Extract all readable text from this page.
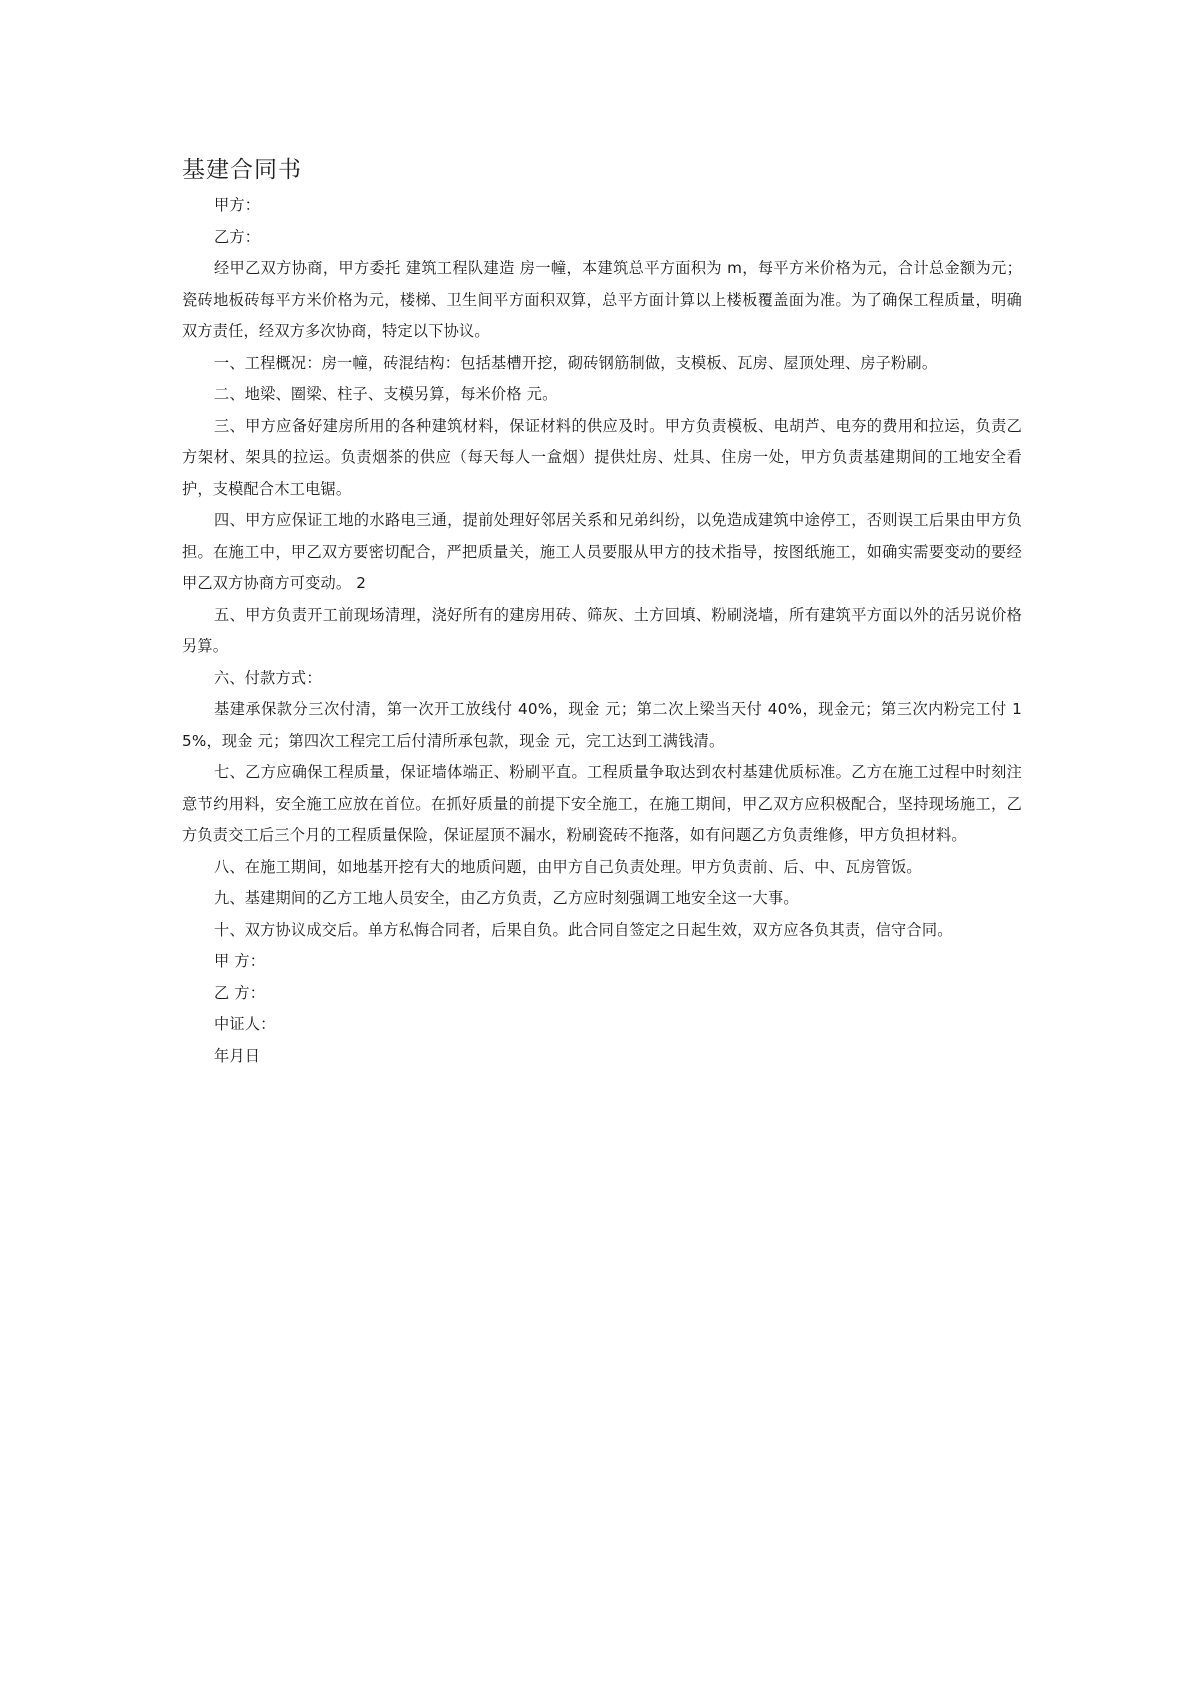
基建合同书

甲方：

乙方：

经甲乙双方协商，甲方委托 建筑工程队建造 房一幢，本建筑总平方面积为 m，每平方米价格为元，合计总金额为元；瓷砖地板砖每平方米价格为元，楼梯、卫生间平方面积双算，总平方面计算以上楼板覆盖面为准。为了确保工程质量，明确双方责任，经双方多次协商，特定以下协议。

一、工程概况：房一幢，砖混结构：包括基槽开挖，砌砖钢筋制做，支模板、瓦房、屋顶处理、房子粉刷。

二、地梁、圈梁、柱子、支模另算，每米价格 元。

三、甲方应备好建房所用的各种建筑材料，保证材料的供应及时。甲方负责模板、电胡芦、电夯的费用和拉运，负责乙方架材、架具的拉运。负责烟茶的供应（每天每人一盒烟）提供灶房、灶具、住房一处，甲方负责基建期间的工地安全看护，支模配合木工电锯。

四、甲方应保证工地的水路电三通，提前处理好邻居关系和兄弟纠纷，以免造成建筑中途停工，否则误工后果由甲方负担。在施工中，甲乙双方要密切配合，严把质量关，施工人员要服从甲方的技术指导，按图纸施工，如确实需要变动的要经甲乙双方协商方可变动。 2

五、甲方负责开工前现场清理，浇好所有的建房用砖、筛灰、土方回填、粉刷浇墙，所有建筑平方面以外的活另说价格另算。

六、付款方式：

基建承保款分三次付清，第一次开工放线付 40%，现金 元；第二次上梁当天付 40%，现金元；第三次内粉完工付 15%，现金 元；第四次工程完工后付清所承包款，现金 元，完工达到工满钱清。

七、乙方应确保工程质量，保证墙体端正、粉刷平直。工程质量争取达到农村基建优质标准。乙方在施工过程中时刻注意节约用料，安全施工应放在首位。在抓好质量的前提下安全施工，在施工期间，甲乙双方应积极配合，坚持现场施工，乙方负责交工后三个月的工程质量保险，保证屋顶不漏水，粉刷瓷砖不拖落，如有问题乙方负责维修，甲方负担材料。

八、在施工期间，如地基开挖有大的地质问题，由甲方自己负责处理。甲方负责前、后、中、瓦房管饭。

九、基建期间的乙方工地人员安全，由乙方负责，乙方应时刻强调工地安全这一大事。

十、双方协议成交后。单方私悔合同者，后果自负。此合同自签定之日起生效，双方应各负其责，信守合同。

甲 方：

乙 方：

中证人：

年月日
